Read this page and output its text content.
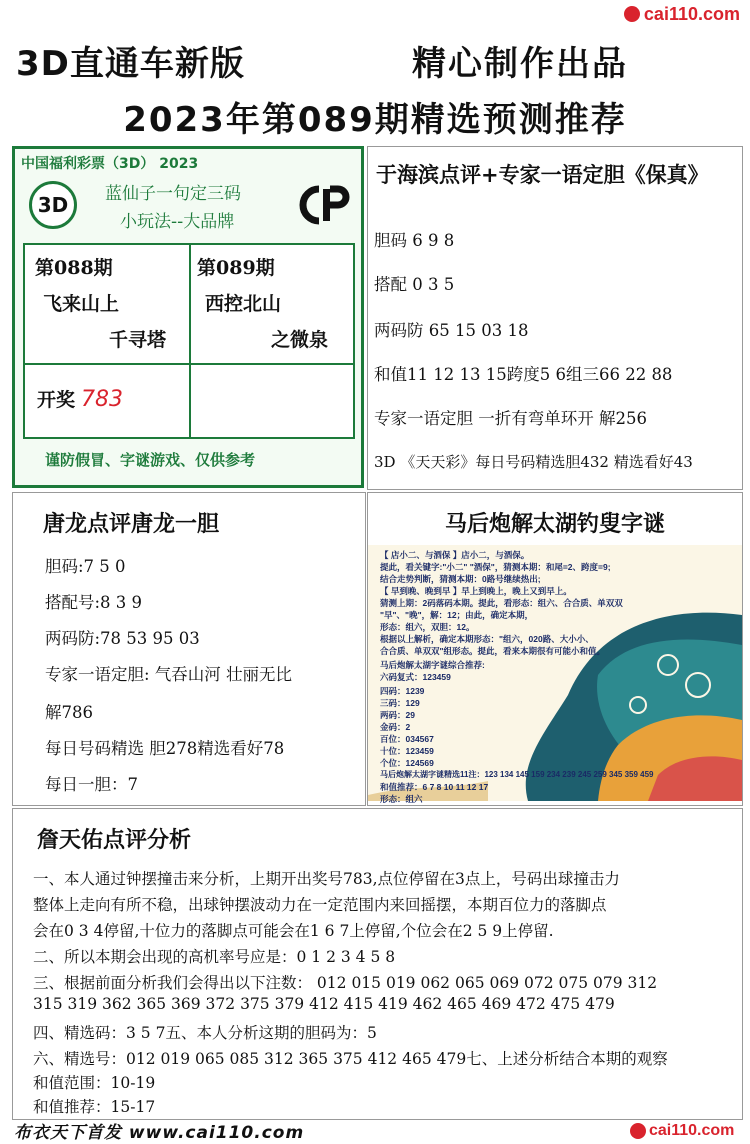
cai110.com
3D直通车新版	精心制作出品
2023年第089期精选预测推荐
中国福利彩票（3D） 2023
3D	蓝仙子一句定三码
小玩法--大品牌
第088期
飞来山上
千寻塔
第089期
西控北山
之微泉
开奖 783
谨防假冒、字谜游戏、仅供参考
于海滨点评+专家一语定胆《保真》
胆码 6 9 8
搭配 0 3 5
两码防 65 15 03 18
和值11 12 13 15跨度5 6组三66 22 88
专家一语定胆 一折有弯单环开 解256
3D 《天天彩》每日号码精选胆432 精选看好43
唐龙点评唐龙一胆
胆码:7 5 0
搭配号:8 3 9
两码防:78 53 95 03
专家一语定胆: 气吞山河 壮丽无比
解786
每日号码精选 胆278精选看好78
每日一胆：7
马后炮解太湖钓叟字谜
【 店小二、与酒保 】店小二，与酒保。
提此，看关键字:"小二" "酒保"，猜测本期：和尾=2、跨度=9;
结合走势判断，猜测本期：0路号继续热出;
【 早到晚、晚到早 】早上到晚上，晚上又到早上。
猜测上期：2码落码本期。提此，看形态：组六、合合质、单双双
"早"、"晚"，解：12；由此，确定本期，
形态：组六，双胆：12。
根据以上解析，确定本期形态："组六，020路、大小小、
合合质、单双双"组形态。提此，看来本期很有可能小和值。
马后炮解太湖字谜综合推荐:
六码复式：123459
四码：1239
三码：129
两码：29
金码：2
百位：034567
十位：123459
个位：124569
马后炮解太湖字谜精选11注：123 134 145 159 234 239 245 259 345 359 459
和值推荐：6 7 8 10 11 12 17
形态：组六
詹天佑点评分析
一、本人通过钟摆撞击来分析，上期开出奖号783,点位停留在3点上，号码出球撞击力
整体上走向有所不稳，出球钟摆波动力在一定范围内来回摇摆，本期百位力的落脚点
会在0 3 4停留,十位力的落脚点可能会在1 6 7上停留,个位会在2 5 9上停留.
二、所以本期会出现的高机率号应是：0 1 2 3 4 5 8
三、根据前面分析我们会得出以下注数： 012 015 019 062 065 069 072 075 079 312
315 319 362 365 369 372 375 379 412 415 419 462 465 469 472 475 479
四、精选码：3 5 7五、本人分析这期的胆码为：5
六、精选号：012 019 065 085 312 365 375 412 465 479七、上述分析结合本期的观察
和值范围：10-19
和值推荐：15-17
布衣天下首发 www.cai110.com	cai110.com
